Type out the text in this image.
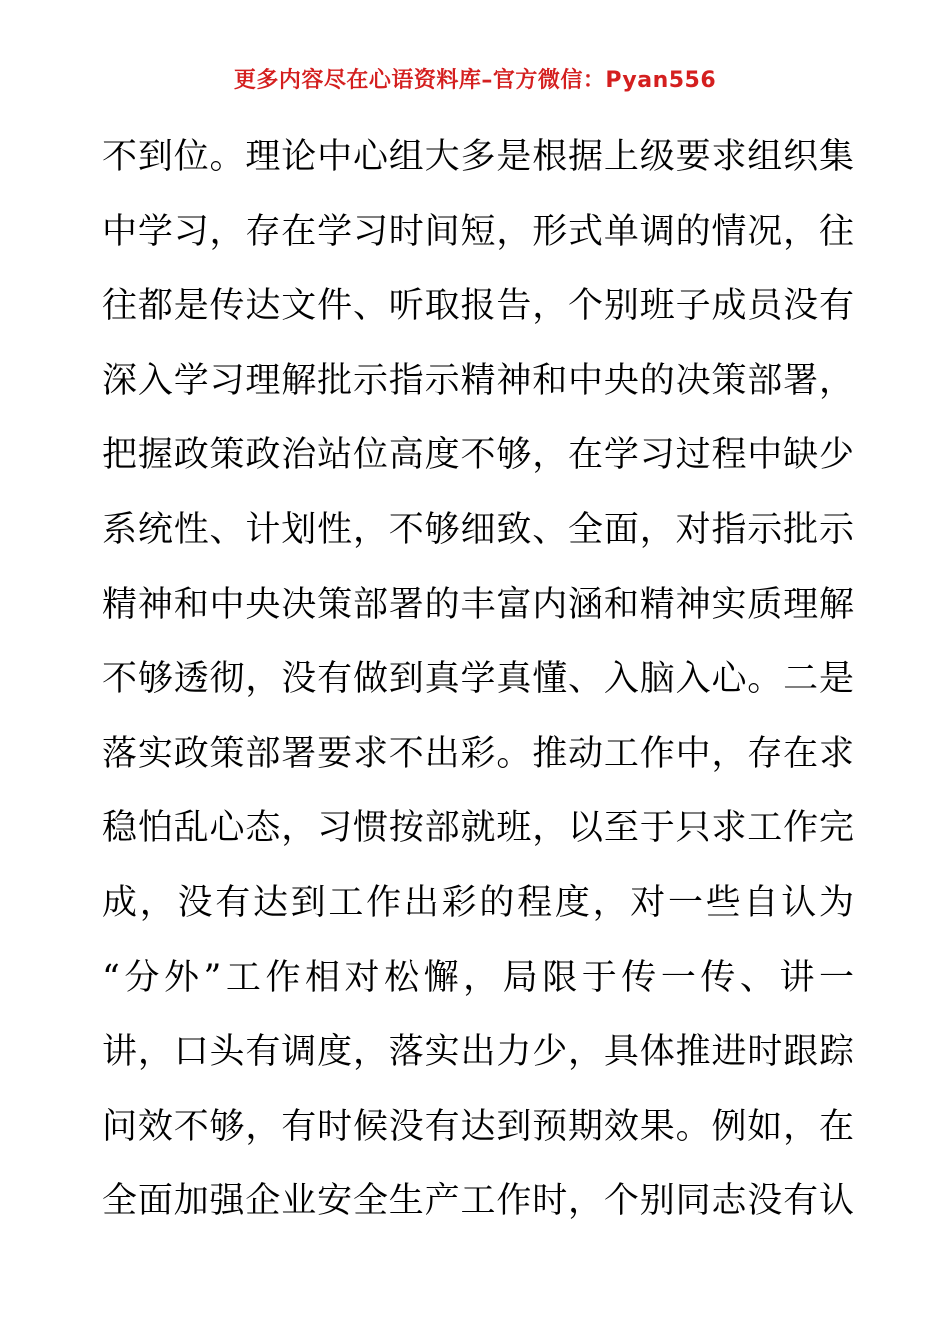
更多内容尽在心语资料库–官方微信：Pyan556
不到位。理论中心组大多是根据上级要求组织集
中学习，存在学习时间短，形式单调的情况，往
往都是传达文件、听取报告，个别班子成员没有
深入学习理解批示指示精神和中央的决策部署，
把握政策政治站位高度不够，在学习过程中缺少
系统性、计划性，不够细致、全面，对指示批示
精神和中央决策部署的丰富内涵和精神实质理解
不够透彻，没有做到真学真懂、入脑入心。二是
落实政策部署要求不出彩。推动工作中，存在求
稳怕乱心态，习惯按部就班，以至于只求工作完
成，没有达到工作出彩的程度，对一些自认为
“分外”工作相对松懈，局限于传一传、讲一
讲，口头有调度，落实出力少，具体推进时跟踪
问效不够，有时候没有达到预期效果。例如，在
全面加强企业安全生产工作时，个别同志没有认
